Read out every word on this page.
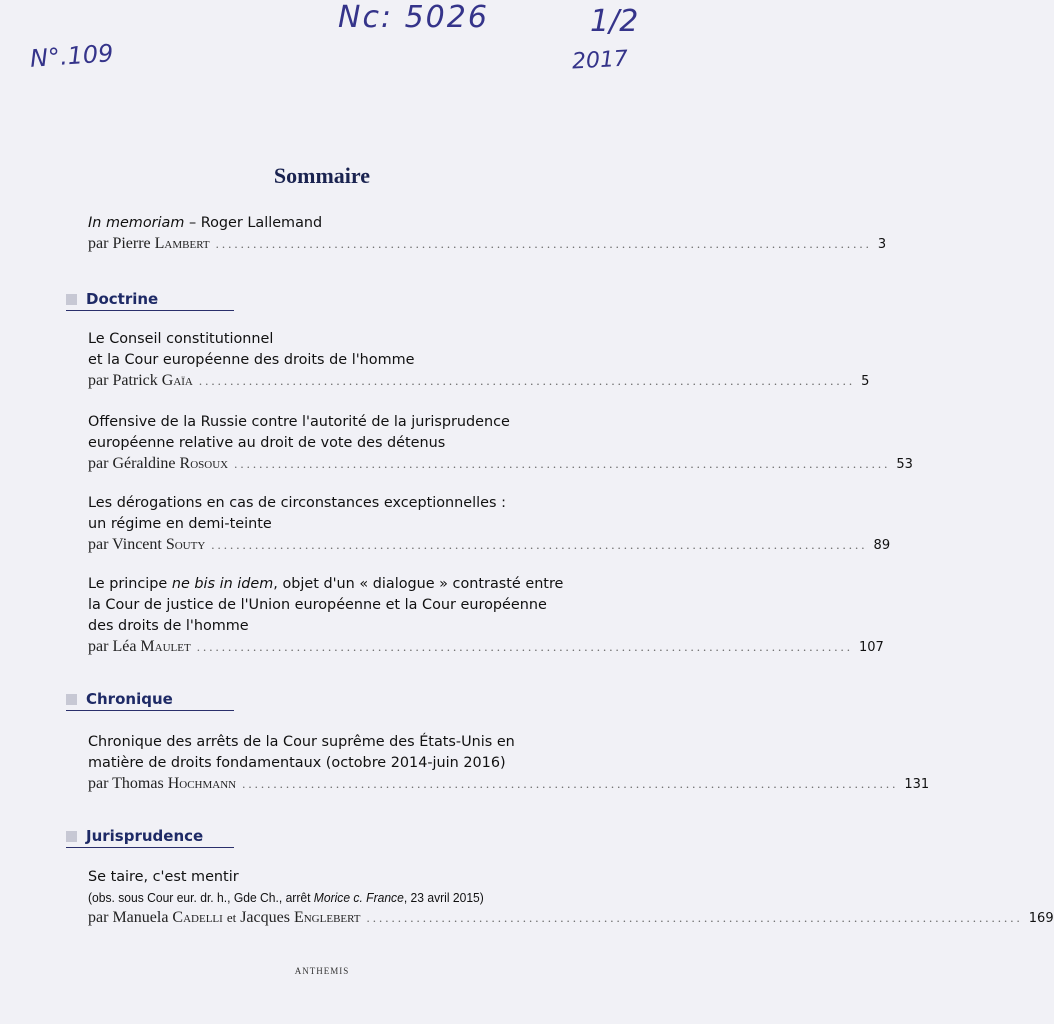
N°.109
Nc: 5026	1/2
2017
Sommaire
In memoriam – Roger Lallemand
par Pierre Lambert ......................................................................................................... 3
Doctrine
Le Conseil constitutionnel
et la Cour européenne des droits de l'homme
par Patrick Gaïa ......................................................................................................... 5
Offensive de la Russie contre l'autorité de la jurisprudence
européenne relative au droit de vote des détenus
par Géraldine Rosoux ......................................................................................................... 53
Les dérogations en cas de circonstances exceptionnelles :
un régime en demi-teinte
par Vincent Souty ......................................................................................................... 89
Le principe ne bis in idem, objet d'un « dialogue » contrasté entre
la Cour de justice de l'Union européenne et la Cour européenne
des droits de l'homme
par Léa Maulet ......................................................................................................... 107
Chronique
Chronique des arrêts de la Cour suprême des États-Unis en
matière de droits fondamentaux (octobre 2014-juin 2016)
par Thomas Hochmann ......................................................................................................... 131
Jurisprudence
Se taire, c'est mentir
(obs. sous Cour eur. dr. h., Gde Ch., arrêt Morice c. France, 23 avril 2015)
par Manuela Cadelli et Jacques Englebert ......................................................................................................... 169
ANTHEMIS
